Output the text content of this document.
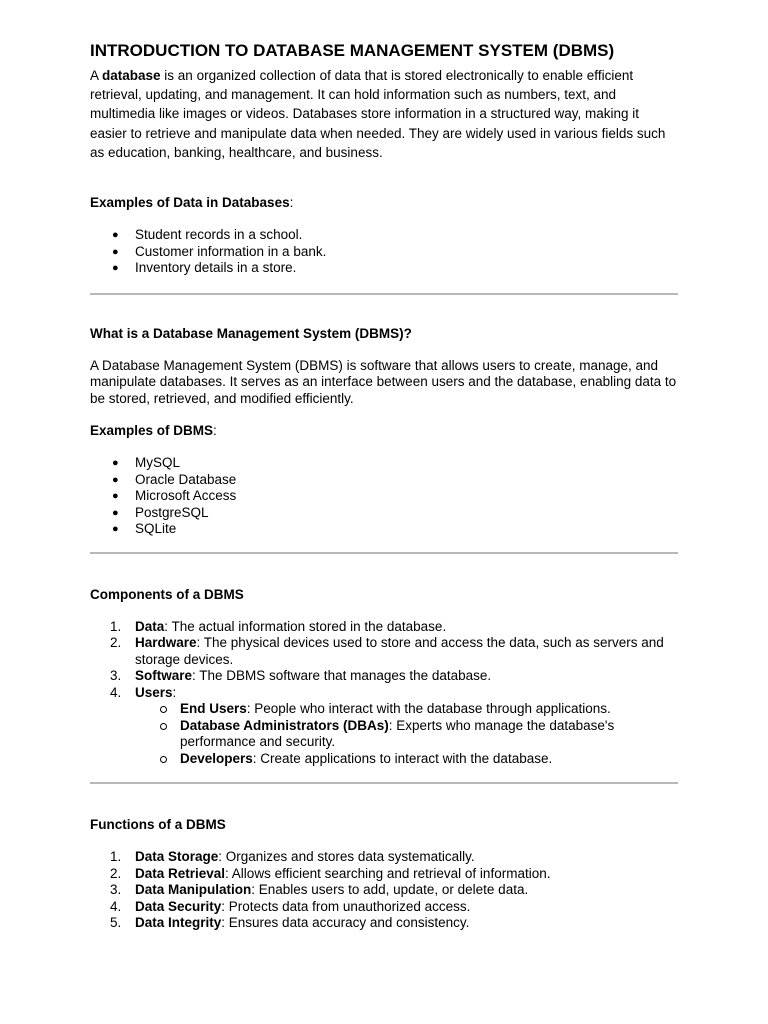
INTRODUCTION TO DATABASE MANAGEMENT SYSTEM (DBMS)

A database is an organized collection of data that is stored electronically to enable efficient retrieval, updating, and management. It can hold information such as numbers, text, and multimedia like images or videos. Databases store information in a structured way, making it easier to retrieve and manipulate data when needed. They are widely used in various fields such as education, banking, healthcare, and business.

Examples of Data in Databases:

● Student records in a school.
● Customer information in a bank.
● Inventory details in a store.

What is a Database Management System (DBMS)?

A Database Management System (DBMS) is software that allows users to create, manage, and manipulate databases. It serves as an interface between users and the database, enabling data to be stored, retrieved, and modified efficiently.

Examples of DBMS:

● MySQL
● Oracle Database
● Microsoft Access
● PostgreSQL
● SQLite

Components of a DBMS

1. Data: The actual information stored in the database.
2. Hardware: The physical devices used to store and access the data, such as servers and storage devices.
3. Software: The DBMS software that manages the database.
4. Users:
End Users: People who interact with the database through applications.
Database Administrators (DBAs): Experts who manage the database's performance and security.
Developers: Create applications to interact with the database.

Functions of a DBMS

1. Data Storage: Organizes and stores data systematically.
2. Data Retrieval: Allows efficient searching and retrieval of information.
3. Data Manipulation: Enables users to add, update, or delete data.
4. Data Security: Protects data from unauthorized access.
5. Data Integrity: Ensures data accuracy and consistency.
